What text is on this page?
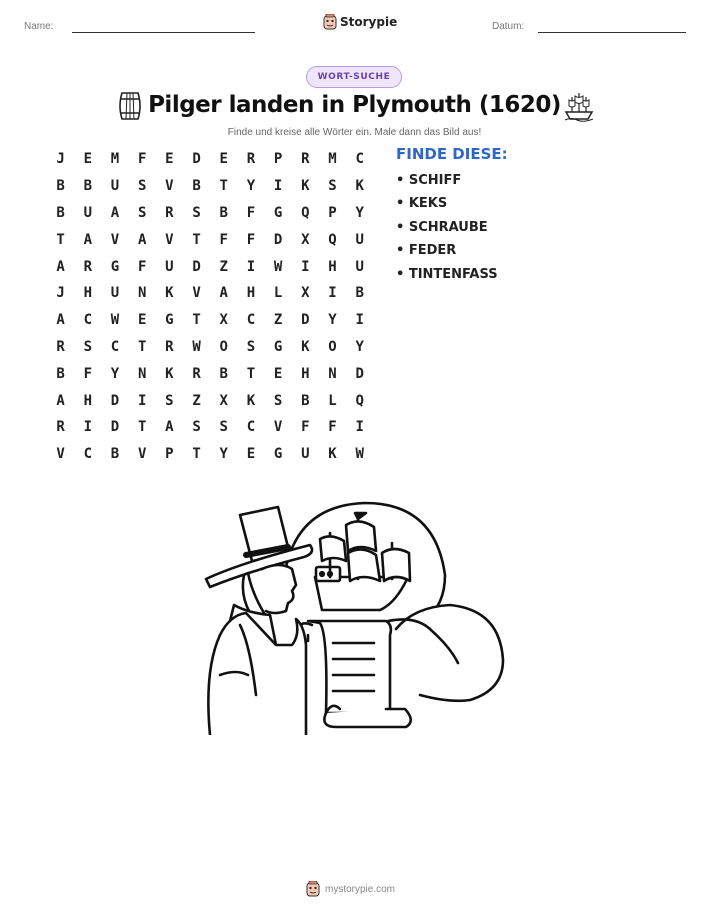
Name:	Storypie	Datum:
WORT-SUCHE
Pilger landen in Plymouth (1620)
Finde und kreise alle Wörter ein. Male dann das Bild aus!
J	E	M	F	E	D	E	R	P	R	M	C
B	B	U	S	V	B	T	Y	I	K	S	K
B	U	A	S	R	S	B	F	G	Q	P	Y
T	A	V	A	V	T	F	F	D	X	Q	U
A	R	G	F	U	D	Z	I	W	I	H	U
J	H	U	N	K	V	A	H	L	X	I	B
A	C	W	E	G	T	X	C	Z	D	Y	I
R	S	C	T	R	W	O	S	G	K	O	Y
B	F	Y	N	K	R	B	T	E	H	N	D
A	H	D	I	S	Z	X	K	S	B	L	Q
R	I	D	T	A	S	S	C	V	F	F	I
V	C	B	V	P	T	Y	E	G	U	K	W
FINDE DIESE:
• SCHIFF
• KEKS
• SCHRAUBE
• FEDER
• TINTENFASS
mystorypie.com
